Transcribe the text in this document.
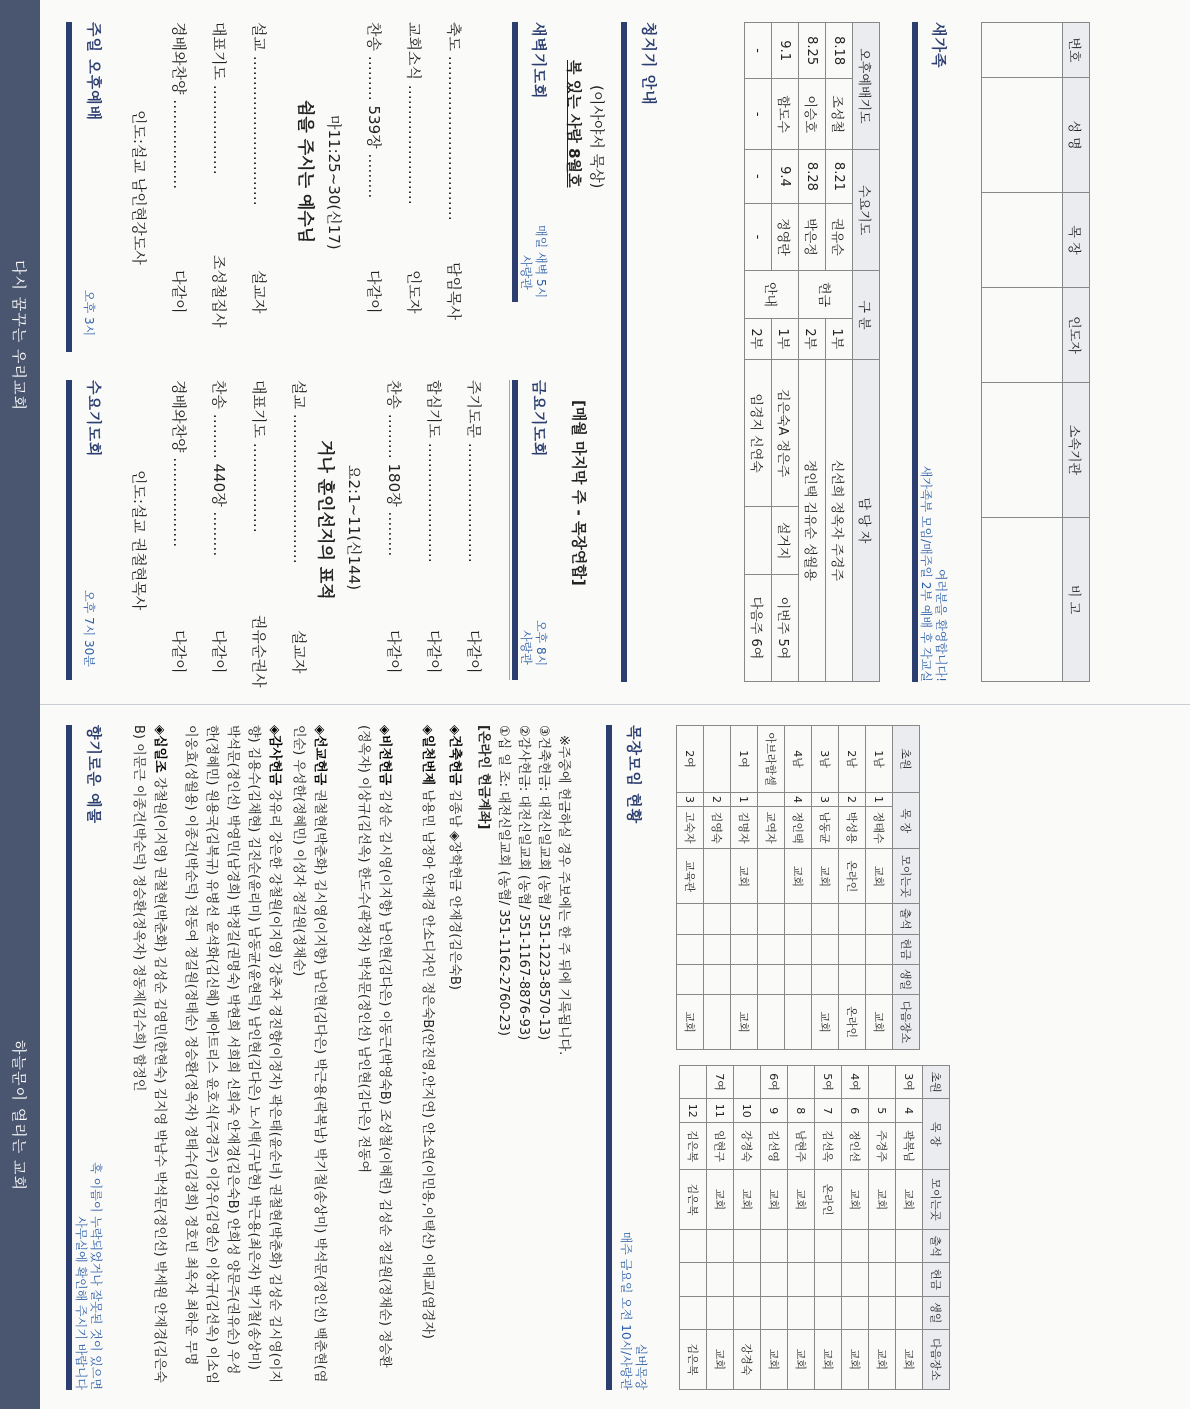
다시 꿈꾸는 우리교회
하늘문이 열리는 교회
주일 오후예배
오후 3시
인도:설교 남인현강도사 경배와찬양 ………………
다같이
대표기도 ………………
조성철집사
설교 …………………………
설교자
쉼을 주시는 예수님 마11:25~30(신17) 찬송 ……… 539장 ………
다같이
교회소식 ……………………
인도자
축도 ……………………………
담임목사
수요기도회
오후 7시 30분
인도:설교 권철현목사 경배와찬양 ………………
다같이
찬송 ……… 440장 ………
다같이
대표기도 ………………
권유순권사
설교 …………………………
설교자
거나 훈인선지의 표적 요2:1~11(신144) 찬송 ……… 180장 ………
다같이
합심기도 ……………………
다같이
주기도문 ……………………
다같이
새벽기도회
매일 새벽 5시
사랑관
복 있는 사람 8월호 (이사야서 묵상)
금요기도회
오후 8시
사랑관
[매월 마지막 주 - 목장연합]
청지기 안내	오후예배기도		수요기도		구 분		담 당 자		
8.18	조성철	8.21	권유순	헌금	1부	신선희 정옥자 주경주		
8.25	이승호	8.28	박은정		2부	정인택 김유순 성월용		
9.1	함도수	9.4	정영란	안내	1부	김은숙A 정은주	설거지	이번주 5여
-	-	-	-		2부	임경지 신연숙		다음주 6여
새가족
여러분을 환영합니다!
새가족부 모임/매주일 2부 예배 후 각교실
번호	성 명	목 장	인도자	소속기관	비 고

향기로운 예물
혹 이름이 누락되었거나 잘못된 것이 있으면
사무실에 확인해 주시기 바랍니다
◈십일조 강철원(이지영) 권철현(박춘화) 김성순 김영민(한현숙) 김지영 박남수 박석문(정인선) 박세원 안재경(김은숙B) 이문근 이종건(박순덕) 정승환(정옥자) 정동제(김수희) 함정인	◈감사헌금 강유리 강은한 강철원(이지영) 강춘자 경진향(이정자) 곽은태(윤순녀) 권철현(박춘화) 김성순 김시영(이지향) 김용수(김채현) 김진순(윤리미) 남동균(윤현덕) 남인현(김다은) 노시택(구남현) 박근용(최은자) 박기철(송상미) 박석문(정인선) 박영민(남경희) 박정길(권명숙) 박현희 서희희 신희숙 안재경(김은숙B) 안희성 양문주(권유순) 우성한(정혜민) 원용국(김복규) 유병선 윤석화(김신혜) 베아트리스 윤호식(주경주) 이강우(김영순) 이상규(김선옥) 이소임 이웅효(성월용) 이종건(박순덕) 전동여 정길원(정태순) 정승환(정옥자) 정태수(김정희) 정호빈 최옥자 최하운 무명	◈선교헌금 권철현(박춘화) 김시영(이지향) 남인현(김다은) 박근용(곽복남) 박기철(송상미) 박석문(정인선) 백춘현(염인순) 우성한(정혜민) 이성자 정길원(정채순)	◈비전헌금 김성순 김시영(이지향) 남인현(김다은) 이동근(박영숙B) 조성철(이혜련) 김성순 정길원(정채순) 정승환(정옥자) 이상규(김선옥) 한도수(곽정자) 박석문(정인선) 남인현(김다은) 전동여	◈일천번제 남용민 남정아 안재경 안소디자인 정은숙B(안진영,안지연) 안소연(이민용,이택산) 이태교(염경자)
◈건축헌금 김종남 ◈장학헌금 안재경(김은숙B)
[온라인 헌금계좌] ①십 일 조: 대전신일교회 (농협/ 351-1162-2760-23) ②감사헌금: 대전신일교회 (농협/ 351-1167-8876-93) ③건축헌금: 대전신일교회 (농협/ 351-1223-8570-13) ※주중에 헌금하실 경우 주보에는 한 주 뒤에 기록됩니다.	목장모임 현황
매주 금요일 오전 10시/사랑관 실버목장
초원	목 장		모이는곳	출석	헌금	생일	다음장소
1남	1	정태수	교회				교회
2남	2	박성용	온라인				온라인
3남	3	남동균	교회				교회
4남	4	정인택	교회				
아브라함셀		교역자					
1여	1	김명자	교회				교회
	2	김영숙					
2여	3	고숙자	교육관				교회
초원	목 장		모이는곳	출석	헌금	생일	다음장소
3여	4	곽복님	교회				교회
	5	주경주	교회				교회
4여	6	정인선	교회				교회
5여	7	김선옥	온라인				교회
	8	남현주	교회				교회
6여	9	김선영	교회				교회
	10	강경숙	교회				강경숙
7여	11	임현구	교회				교회
	12	김은복	김은복				김은복
